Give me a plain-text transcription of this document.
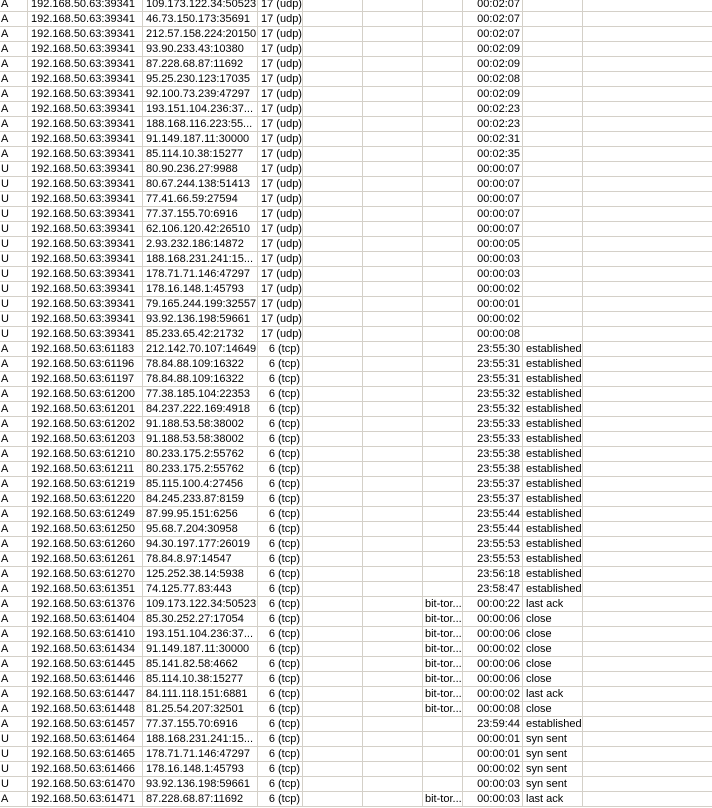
A	192.168.50.63:39341	109.173.122.34:50523 17 (udp)	00:02:07
A	192.168.50.63:39341	46.73.150.173:35691	17 (udp)	00:02:07
A	192.168.50.63:39341	212.57.158.224:20150 17 (udp)	00:02:07
A	192.168.50.63:39341	93.90.233.43:10380	17 (udp)	00:02:09
A	192.168.50.63:39341	87.228.68.87:11692	17 (udp)	00:02:09
A	192.168.50.63:39341	95.25.230.123:17035	17 (udp)	00:02:08
A	192.168.50.63:39341	92.100.73.239:47297	17 (udp)	00:02:09
A	192.168.50.63:39341	193.151.104.236:37... 17 (udp)	00:02:23
A	192.168.50.63:39341	188.168.116.223:55... 17 (udp)	00:02:23
A	192.168.50.63:39341	91.149.187.11:30000	17 (udp)	00:02:31
A	192.168.50.63:39341	85.114.10.38:15277	17 (udp)	00:02:35
U	192.168.50.63:39341	80.90.236.27:9988	17 (udp)	00:00:07
U	192.168.50.63:39341	80.67.244.138:51413	17 (udp)	00:00:07
U	192.168.50.63:39341	77.41.66.59:27594	17 (udp)	00:00:07
U	192.168.50.63:39341	77.37.155.70:6916	17 (udp)	00:00:07
U	192.168.50.63:39341	62.106.120.42:26510	17 (udp)	00:00:07
U	192.168.50.63:39341	2.93.232.186:14872	17 (udp)	00:00:05
U	192.168.50.63:39341	188.168.231.241:15... 17 (udp)	00:00:03
U	192.168.50.63:39341	178.71.71.146:47297	17 (udp)	00:00:03
U	192.168.50.63:39341	178.16.148.1:45793	17 (udp)	00:00:02
U	192.168.50.63:39341	79.165.244.199:32557 17 (udp)	00:00:01
U	192.168.50.63:39341	93.92.136.198:59661	17 (udp)	00:00:02
U	192.168.50.63:39341	85.233.65.42:21732	17 (udp)	00:00:08
A	192.168.50.63:61183	212.142.70.107:14649	6 (tcp)	23:55:30 established
A	192.168.50.63:61196	78.84.88.109:16322	6 (tcp)	23:55:31 established
A	192.168.50.63:61197	78.84.88.109:16322	6 (tcp)	23:55:31 established
A	192.168.50.63:61200	77.38.185.104:22353	6 (tcp)	23:55:32 established
A	192.168.50.63:61201	84.237.222.169:4918	6 (tcp)	23:55:32 established
A	192.168.50.63:61202	91.188.53.58:38002	6 (tcp)	23:55:33 established
A	192.168.50.63:61203	91.188.53.58:38002	6 (tcp)	23:55:33 established
A	192.168.50.63:61210	80.233.175.2:55762	6 (tcp)	23:55:38 established
A	192.168.50.63:61211	80.233.175.2:55762	6 (tcp)	23:55:38 established
A	192.168.50.63:61219	85.115.100.4:27456	6 (tcp)	23:55:37 established
A	192.168.50.63:61220	84.245.233.87:8159	6 (tcp)	23:55:37 established
A	192.168.50.63:61249	87.99.95.151:6256	6 (tcp)	23:55:44 established
A	192.168.50.63:61250	95.68.7.204:30958	6 (tcp)	23:55:44 established
A	192.168.50.63:61260	94.30.197.177:26019	6 (tcp)	23:55:53 established
A	192.168.50.63:61261	78.84.8.97:14547	6 (tcp)	23:55:53 established
A	192.168.50.63:61270	125.252.38.14:5938	6 (tcp)	23:56:18 established
A	192.168.50.63:61351	74.125.77.83:443	6 (tcp)	23:58:47 established
A	192.168.50.63:61376	109.173.122.34:50523	6 (tcp)	bit-tor...	00:00:22 last ack
A	192.168.50.63:61404	85.30.252.27:17054	6 (tcp)	bit-tor...	00:00:06 close
A	192.168.50.63:61410	193.151.104.236:37...	6 (tcp)	bit-tor...	00:00:06 close
A	192.168.50.63:61434	91.149.187.11:30000	6 (tcp)	bit-tor...	00:00:02 close
A	192.168.50.63:61445	85.141.82.58:4662	6 (tcp)	bit-tor...	00:00:06 close
A	192.168.50.63:61446	85.114.10.38:15277	6 (tcp)	bit-tor...	00:00:06 close
A	192.168.50.63:61447	84.111.118.151:6881	6 (tcp)	bit-tor...	00:00:02 last ack
A	192.168.50.63:61448	81.25.54.207:32501	6 (tcp)	bit-tor...	00:00:08 close
A	192.168.50.63:61457	77.37.155.70:6916	6 (tcp)	23:59:44 established
U	192.168.50.63:61464	188.168.231.241:15...	6 (tcp)	00:00:01 syn sent
U	192.168.50.63:61465	178.71.71.146:47297	6 (tcp)	00:00:01 syn sent
U	192.168.50.63:61466	178.16.148.1:45793	6 (tcp)	00:00:02 syn sent
U	192.168.50.63:61470	93.92.136.198:59661	6 (tcp)	00:00:03 syn sent
A	192.168.50.63:61471	87.228.68.87:11692	6 (tcp)	bit-tor...	00:00:03 last ack
